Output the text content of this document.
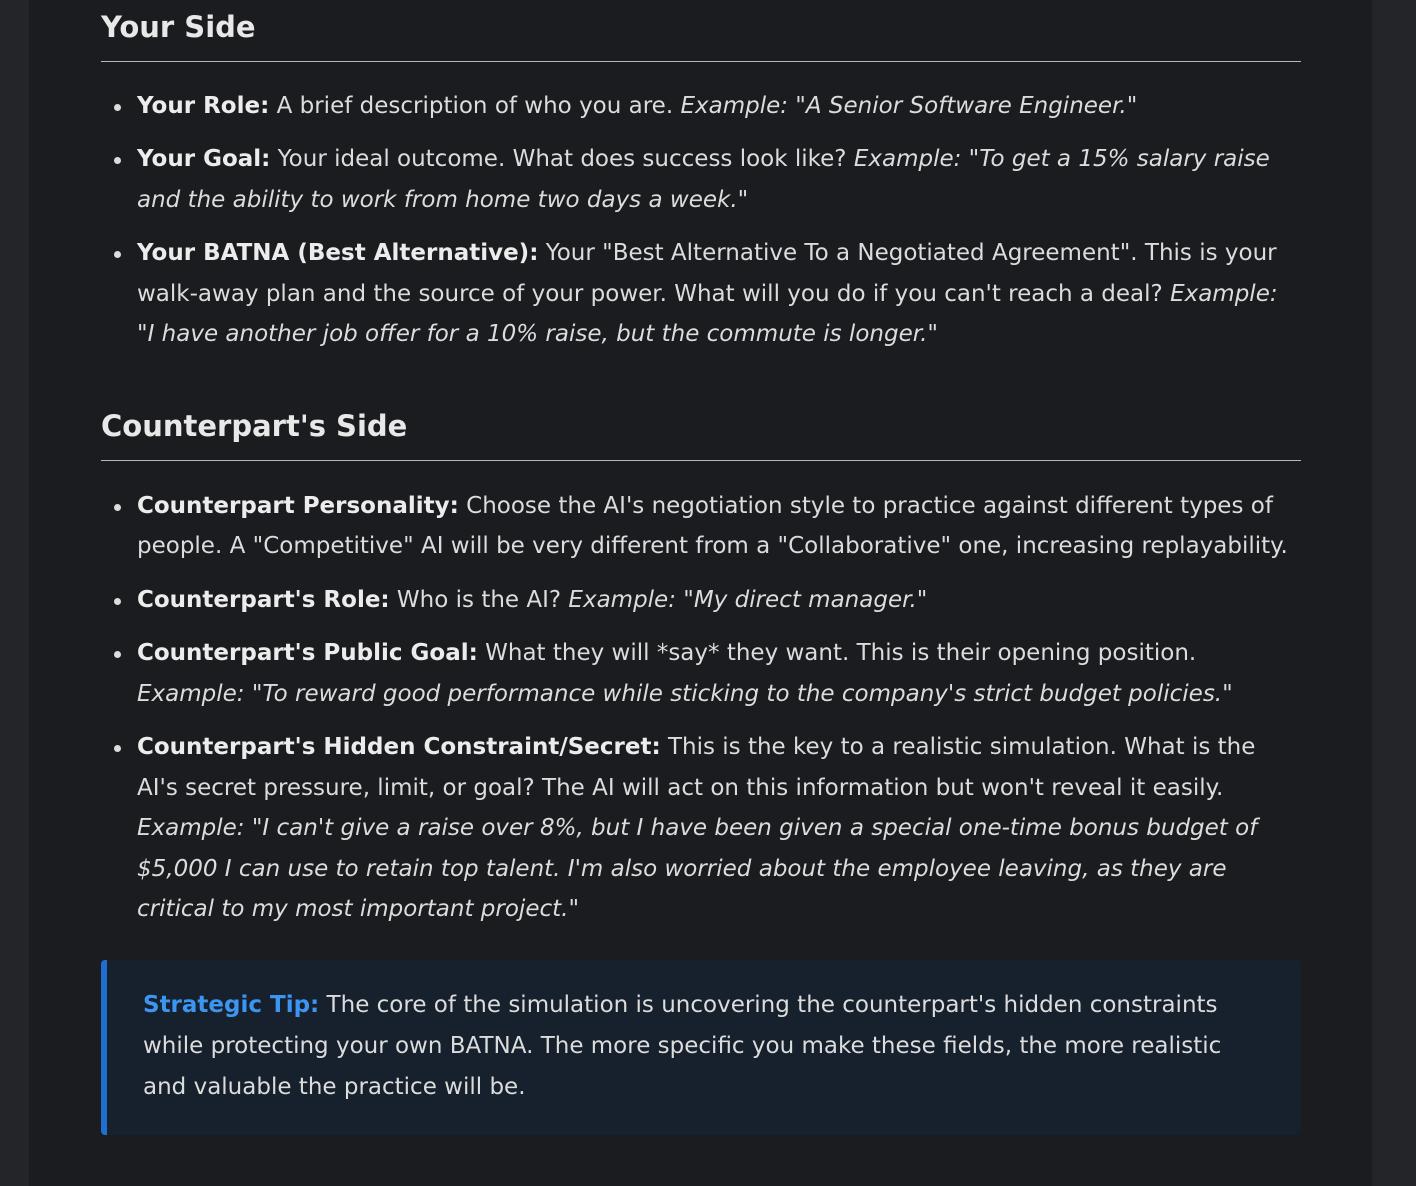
Your Side
Your Role: A brief description of who you are. Example: "A Senior Software Engineer."
Your Goal: Your ideal outcome. What does success look like? Example: "To get a 15% salary raise and the ability to work from home two days a week."
Your BATNA (Best Alternative): Your "Best Alternative To a Negotiated Agreement". This is your walk-away plan and the source of your power. What will you do if you can't reach a deal? Example: "I have another job offer for a 10% raise, but the commute is longer."
Counterpart's Side
Counterpart Personality: Choose the AI's negotiation style to practice against different types of people. A "Competitive" AI will be very different from a "Collaborative" one, increasing replayability.
Counterpart's Role: Who is the AI? Example: "My direct manager."
Counterpart's Public Goal: What they will *say* they want. This is their opening position. Example: "To reward good performance while sticking to the company's strict budget policies."
Counterpart's Hidden Constraint/Secret: This is the key to a realistic simulation. What is the AI's secret pressure, limit, or goal? The AI will act on this information but won't reveal it easily. Example: "I can't give a raise over 8%, but I have been given a special one-time bonus budget of $5,000 I can use to retain top talent. I'm also worried about the employee leaving, as they are critical to my most important project."
Strategic Tip: The core of the simulation is uncovering the counterpart's hidden constraints while protecting your own BATNA. The more specific you make these fields, the more realistic and valuable the practice will be.
